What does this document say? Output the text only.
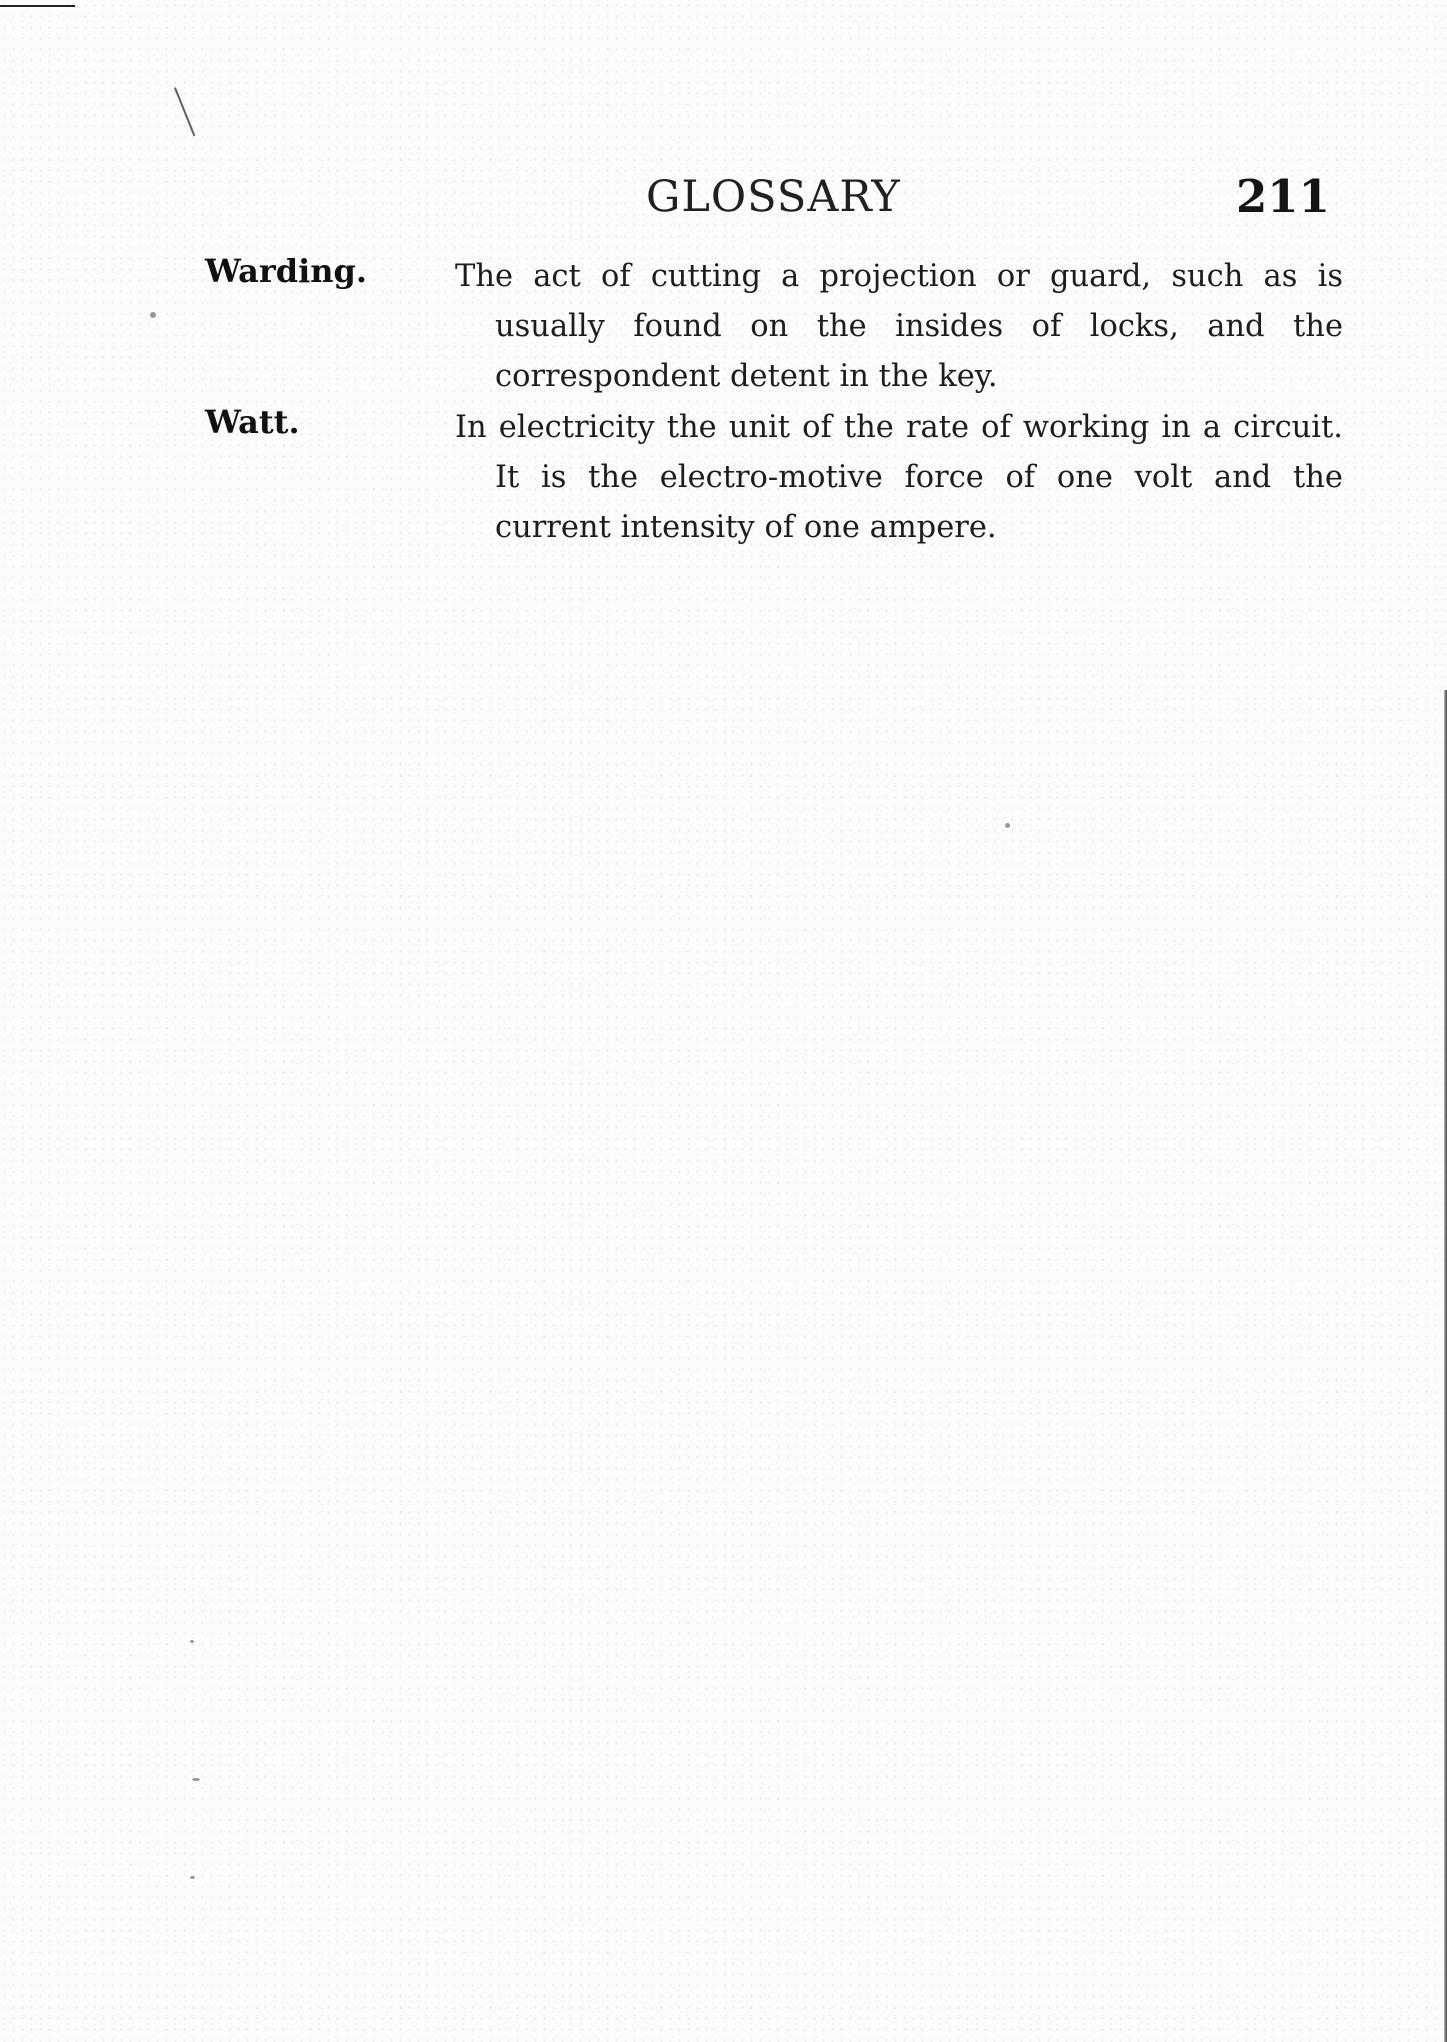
GLOSSARY	211
Warding.	The act of cutting a projection or guard, such as is usually found on the insides of locks, and the correspondent detent in the key.
Watt.	In electricity the unit of the rate of working in a circuit. It is the electro-motive force of one volt and the current intensity of one ampere.
